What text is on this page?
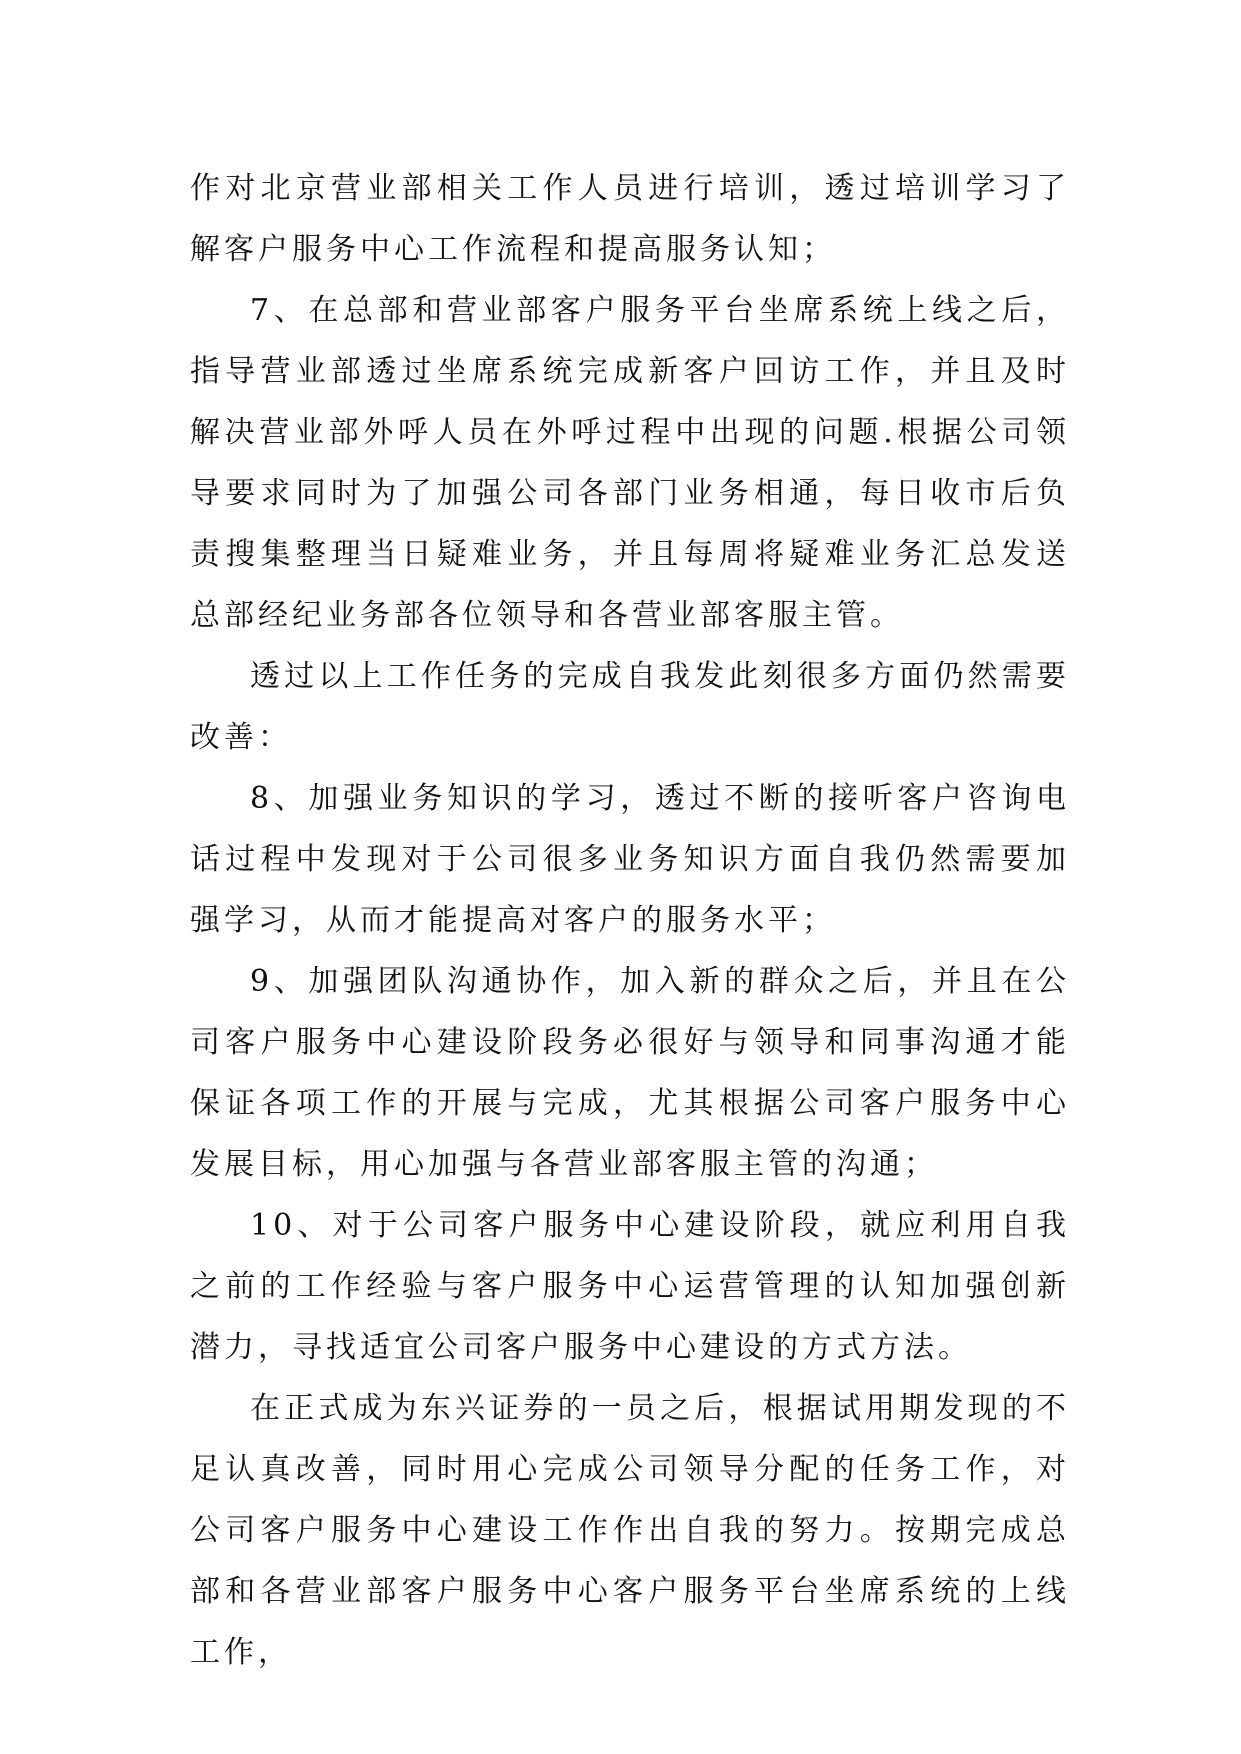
作对北京营业部相关工作人员进行培训，透过培训学习了解客户服务中心工作流程和提高服务认知；

7、在总部和营业部客户服务平台坐席系统上线之后，指导营业部透过坐席系统完成新客户回访工作，并且及时解决营业部外呼人员在外呼过程中出现的问题.根据公司领导要求同时为了加强公司各部门业务相通，每日收市后负责搜集整理当日疑难业务，并且每周将疑难业务汇总发送总部经纪业务部各位领导和各营业部客服主管。

透过以上工作任务的完成自我发此刻很多方面仍然需要改善：

8、加强业务知识的学习，透过不断的接听客户咨询电话过程中发现对于公司很多业务知识方面自我仍然需要加强学习，从而才能提高对客户的服务水平；

9、加强团队沟通协作，加入新的群众之后，并且在公司客户服务中心建设阶段务必很好与领导和同事沟通才能保证各项工作的开展与完成，尤其根据公司客户服务中心发展目标，用心加强与各营业部客服主管的沟通；

10、对于公司客户服务中心建设阶段，就应利用自我之前的工作经验与客户服务中心运营管理的认知加强创新潜力，寻找适宜公司客户服务中心建设的方式方法。

在正式成为东兴证券的一员之后，根据试用期发现的不足认真改善，同时用心完成公司领导分配的任务工作，对公司客户服务中心建设工作作出自我的努力。按期完成总部和各营业部客户服务中心客户服务平台坐席系统的上线工作，
